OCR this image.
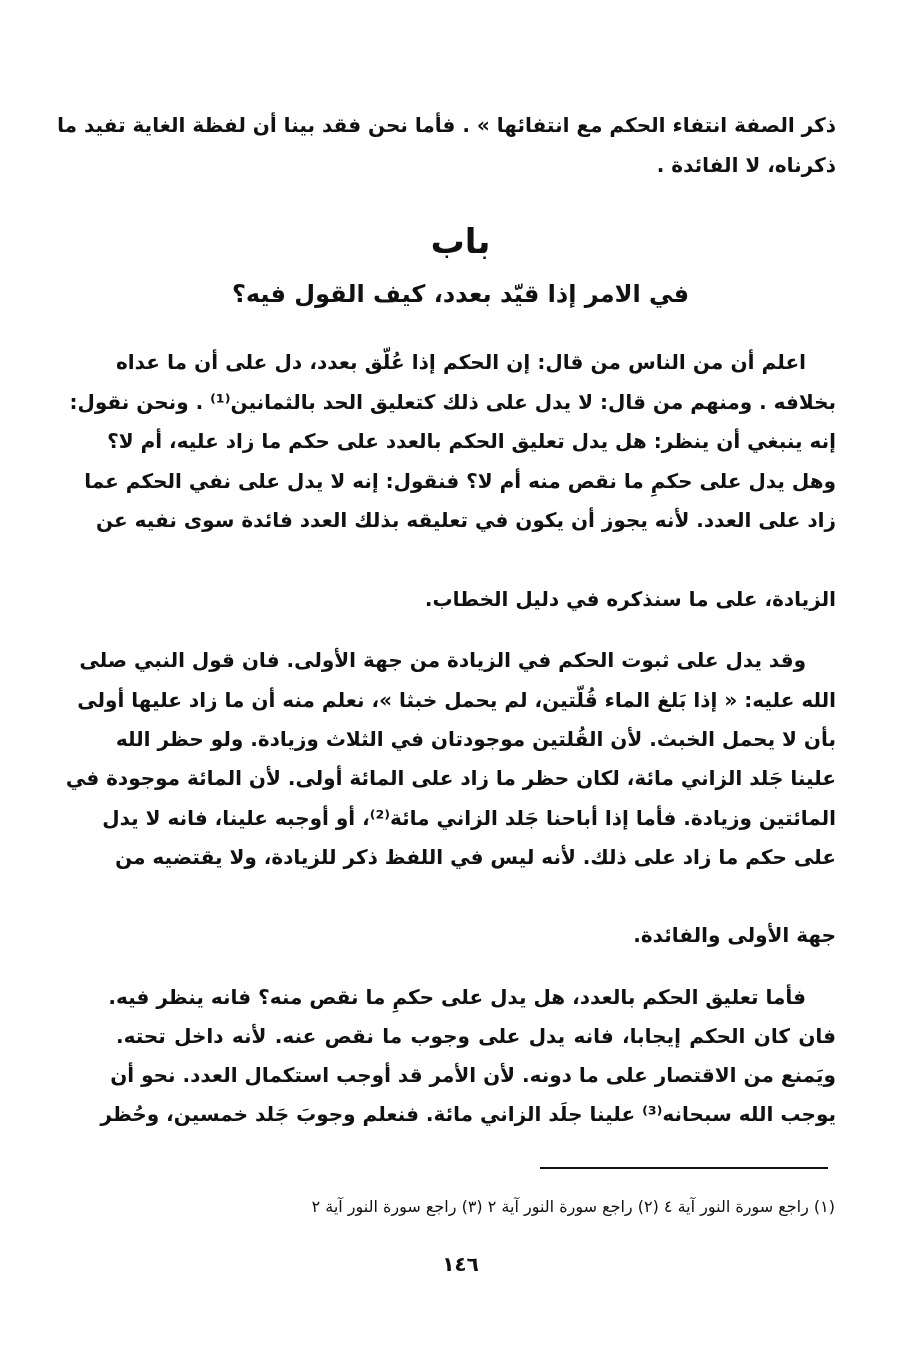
ذكر الصفة انتفاء الحكم مع انتفائها » . فأما نحن فقد بينا أن لفظة الغاية تفيد ما
ذكرناه، لا الفائدة .
باب
في الامر إذا قيّد بعدد، كيف القول فيه؟
اعلم أن من الناس من قال: إن الحكم إذا عُلّق بعدد، دل على أن ما عداه
بخلافه . ومنهم من قال: لا يدل على ذلك كتعليق الحد بالثمانين⁽¹⁾ . ونحن نقول:
إنه ينبغي أن ينظر: هل يدل تعليق الحكم بالعدد على حكم ما زاد عليه، أم لا؟
وهل يدل على حكمِ ما نقص منه أم لا؟ فنقول: إنه لا يدل على نفي الحكم عما
زاد على العدد. لأنه يجوز أن يكون في تعليقه بذلك العدد فائدة سوى نفيه عن
الزيادة، على ما سنذكره في دليل الخطاب.
وقد يدل على ثبوت الحكم في الزيادة من جهة الأولى. فان قول النبي صلى
الله عليه: « إذا بَلغ الماء قُلّتين، لم يحمل خبثا »، نعلم منه أن ما زاد عليها أولى
بأن لا يحمل الخبث. لأن القُلتين موجودتان في الثلاث وزيادة. ولو حظر الله
علينا جَلد الزاني مائة، لكان حظر ما زاد على المائة أولى. لأن المائة موجودة في
المائتين وزيادة. فأما إذا أباحنا جَلد الزاني مائة⁽²⁾، أو أوجبه علينا، فانه لا يدل
على حكم ما زاد على ذلك. لأنه ليس في اللفظ ذكر للزيادة، ولا يقتضيه من
جهة الأولى والفائدة.
فأما تعليق الحكم بالعدد، هل يدل على حكمِ ما نقص منه؟ فانه ينظر فيه.
فان كان الحكم إيجابا، فانه يدل على وجوب ما نقص عنه. لأنه داخل تحته.
ويَمنع من الاقتصار على ما دونه. لأن الأمر قد أوجب استكمال العدد. نحو أن
يوجب الله سبحانه⁽³⁾ علينا جلَد الزاني مائة. فنعلم وجوبَ جَلد خمسين، وحُظر
(١) راجع سورة النور آية ٤ (٢) راجع سورة النور آية ٢ (٣) راجع سورة النور آية ٢
١٤٦
